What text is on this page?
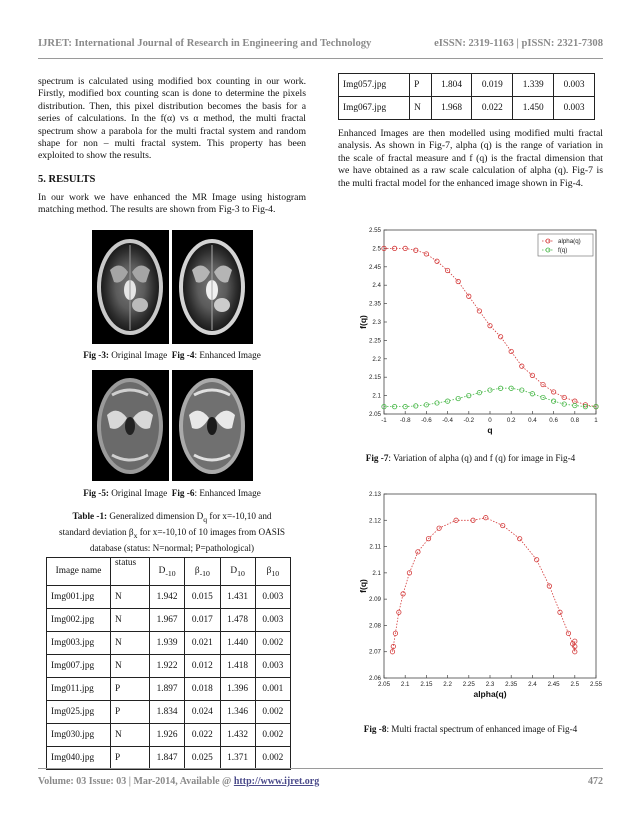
IJRET: International Journal of Research in Engineering and Technology	eISSN: 2319-1163 | pISSN: 2321-7308
spectrum is calculated using modified box counting in our work. Firstly, modified box counting scan is done to determine the pixels distribution. Then, this pixel distribution becomes the basis for a series of calculations. In the f(α) vs α method, the multi fractal spectrum show a parabola for the multi fractal system and random shape for non – multi fractal system. This property has been exploited to show the results.
5. RESULTS
In our work we have enhanced the MR Image using histogram matching method. The results are shown from Fig-3 to Fig-4.
Fig -3: Original Image Fig -4: Enhanced Image
Fig -5: Original Image Fig -6: Enhanced Image
Table -1: Generalized dimension $D_q$ for x=-10,10 and
standard deviation $\beta_x$ for x=-10,10 of 10 images from OASIS
database (status: N=normal; P=pathological)
Image name	status	$D_{-10}$	$\beta_{-10}$	$D_{10}$	$\beta_{10}$
Img001.jpg	N	1.942	0.015	1.431	0.003
Img002.jpg	N	1.967	0.017	1.478	0.003
Img003.jpg	N	1.939	0.021	1.440	0.002
Img007.jpg	N	1.922	0.012	1.418	0.003
Img011.jpg	P	1.897	0.018	1.396	0.001
Img025.jpg	P	1.834	0.024	1.346	0.002
Img030.jpg	N	1.926	0.022	1.432	0.002
Img040.jpg	P	1.847	0.025	1.371	0.002
Img057.jpg	P	1.804	0.019	1.339	0.003
Img067.jpg	N	1.968	0.022	1.450	0.003
Enhanced Images are then modelled using modified multi fractal analysis. As shown in Fig-7, alpha (q) is the range of variation in the scale of fractal measure and f (q) is the fractal dimension that we have obtained as a raw scale calculation of alpha (q). Fig-7 is the multi fractal model for the enhanced image shown in Fig-4.
-1 -0.8 -0.6 -0.4 -0.2 0 0.2 0.4 0.6 0.8 1
2.05
2.1
2.15
2.2
2.25
2.3
2.35
2.4
2.45
2.5
2.55
q
f(q)
alpha(q)
f(q)
Fig -7: Variation of alpha (q) and f (q) for image in Fig-4
2.05 2.1 2.15 2.2 2.25 2.3 2.35 2.4 2.45 2.5 2.55
2.06
2.07
2.08
2.09
2.1
2.11
2.12
2.13
alpha(q)
f(q)
Fig -8: Multi fractal spectrum of enhanced image of Fig-4
Volume: 03 Issue: 03 | Mar-2014, Available @ http://www.ijret.org	472
